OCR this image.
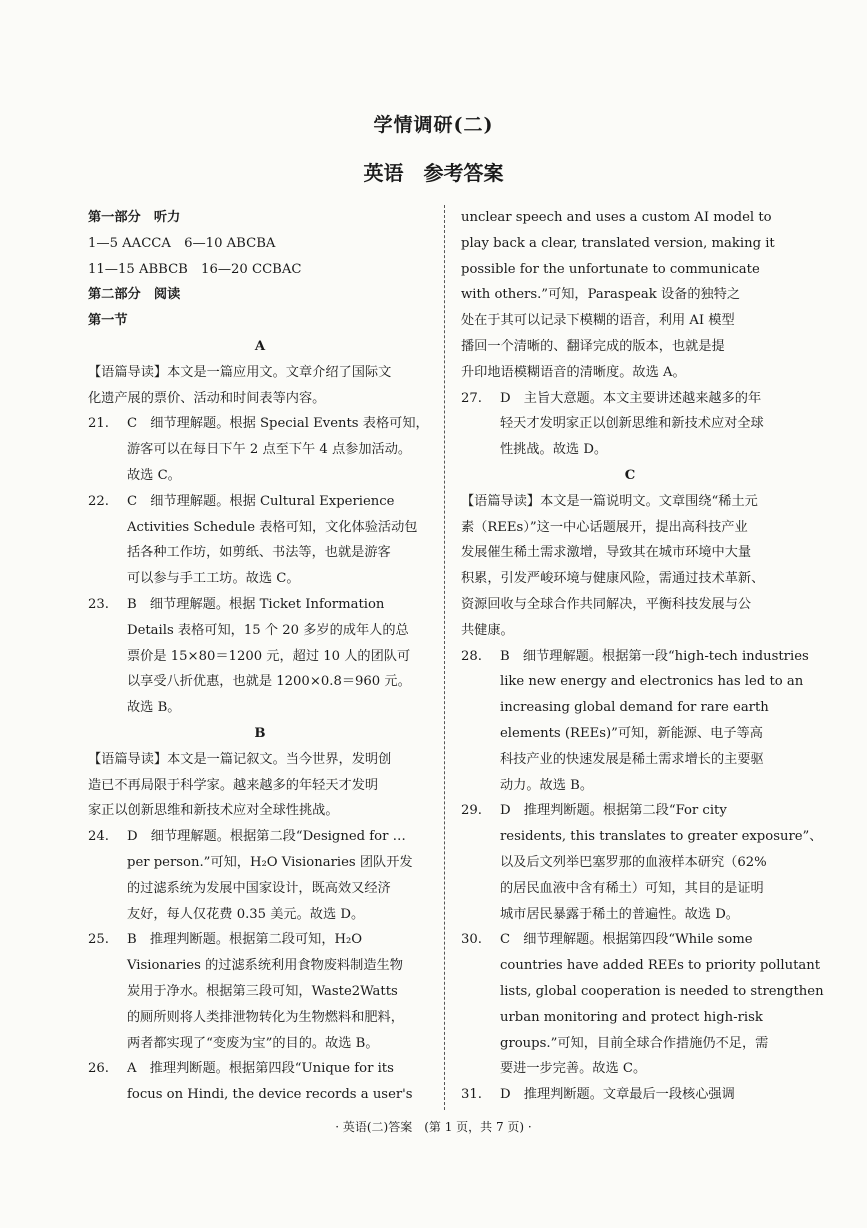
学情调研(二)
英语　参考答案
第一部分　听力
1—5 AACCA　6—10 ABCBA
11—15 ABBCB　16—20 CCBAC
第二部分　阅读
第一节
A
【语篇导读】本文是一篇应用文。文章介绍了国际文
化遗产展的票价、活动和时间表等内容。
21.	C　细节理解题。根据 Special Events 表格可知，
游客可以在每日下午 2 点至下午 4 点参加活动。
故选 C。
22.	C　细节理解题。根据 Cultural Experience
Activities Schedule 表格可知，文化体验活动包
括各种工作坊，如剪纸、书法等，也就是游客
可以参与手工工坊。故选 C。
23.	B　细节理解题。根据 Ticket Information
Details 表格可知，15 个 20 多岁的成年人的总
票价是 15×80＝1200 元，超过 10 人的团队可
以享受八折优惠，也就是 1200×0.8＝960 元。
故选 B。
B
【语篇导读】本文是一篇记叙文。当今世界，发明创
造已不再局限于科学家。越来越多的年轻天才发明
家正以创新思维和新技术应对全球性挑战。
24.	D　细节理解题。根据第二段“Designed for …
per person.”可知，H₂O Visionaries 团队开发
的过滤系统为发展中国家设计，既高效又经济
友好，每人仅花费 0.35 美元。故选 D。
25.	B　推理判断题。根据第二段可知，H₂O
Visionaries 的过滤系统利用食物废料制造生物
炭用于净水。根据第三段可知，Waste2Watts
的厕所则将人类排泄物转化为生物燃料和肥料，
两者都实现了“变废为宝”的目的。故选 B。
26.	A　推理判断题。根据第四段“Unique for its
focus on Hindi, the device records a user's
unclear speech and uses a custom AI model to
play back a clear, translated version, making it
possible for the unfortunate to communicate
with others.”可知，Paraspeak 设备的独特之
处在于其可以记录下模糊的语音，利用 AI 模型
播回一个清晰的、翻译完成的版本，也就是提
升印地语模糊语音的清晰度。故选 A。
27.	D　主旨大意题。本文主要讲述越来越多的年
轻天才发明家正以创新思维和新技术应对全球
性挑战。故选 D。
C
【语篇导读】本文是一篇说明文。文章围绕“稀土元
素（REEs）”这一中心话题展开，提出高科技产业
发展催生稀土需求激增，导致其在城市环境中大量
积累，引发严峻环境与健康风险，需通过技术革新、
资源回收与全球合作共同解决，平衡科技发展与公
共健康。
28.	B　细节理解题。根据第一段“high-tech industries
like new energy and electronics has led to an
increasing global demand for rare earth
elements (REEs)”可知，新能源、电子等高
科技产业的快速发展是稀土需求增长的主要驱
动力。故选 B。
29.	D　推理判断题。根据第二段“For city
residents, this translates to greater exposure”、
以及后文列举巴塞罗那的血液样本研究（62%
的居民血液中含有稀土）可知，其目的是证明
城市居民暴露于稀土的普遍性。故选 D。
30.	C　细节理解题。根据第四段“While some
countries have added REEs to priority pollutant
lists, global cooperation is needed to strengthen
urban monitoring and protect high-risk
groups.”可知，目前全球合作措施仍不足，需
要进一步完善。故选 C。
31.	D　推理判断题。文章最后一段核心强调
· 英语(二)答案　(第 1 页，共 7 页) ·
